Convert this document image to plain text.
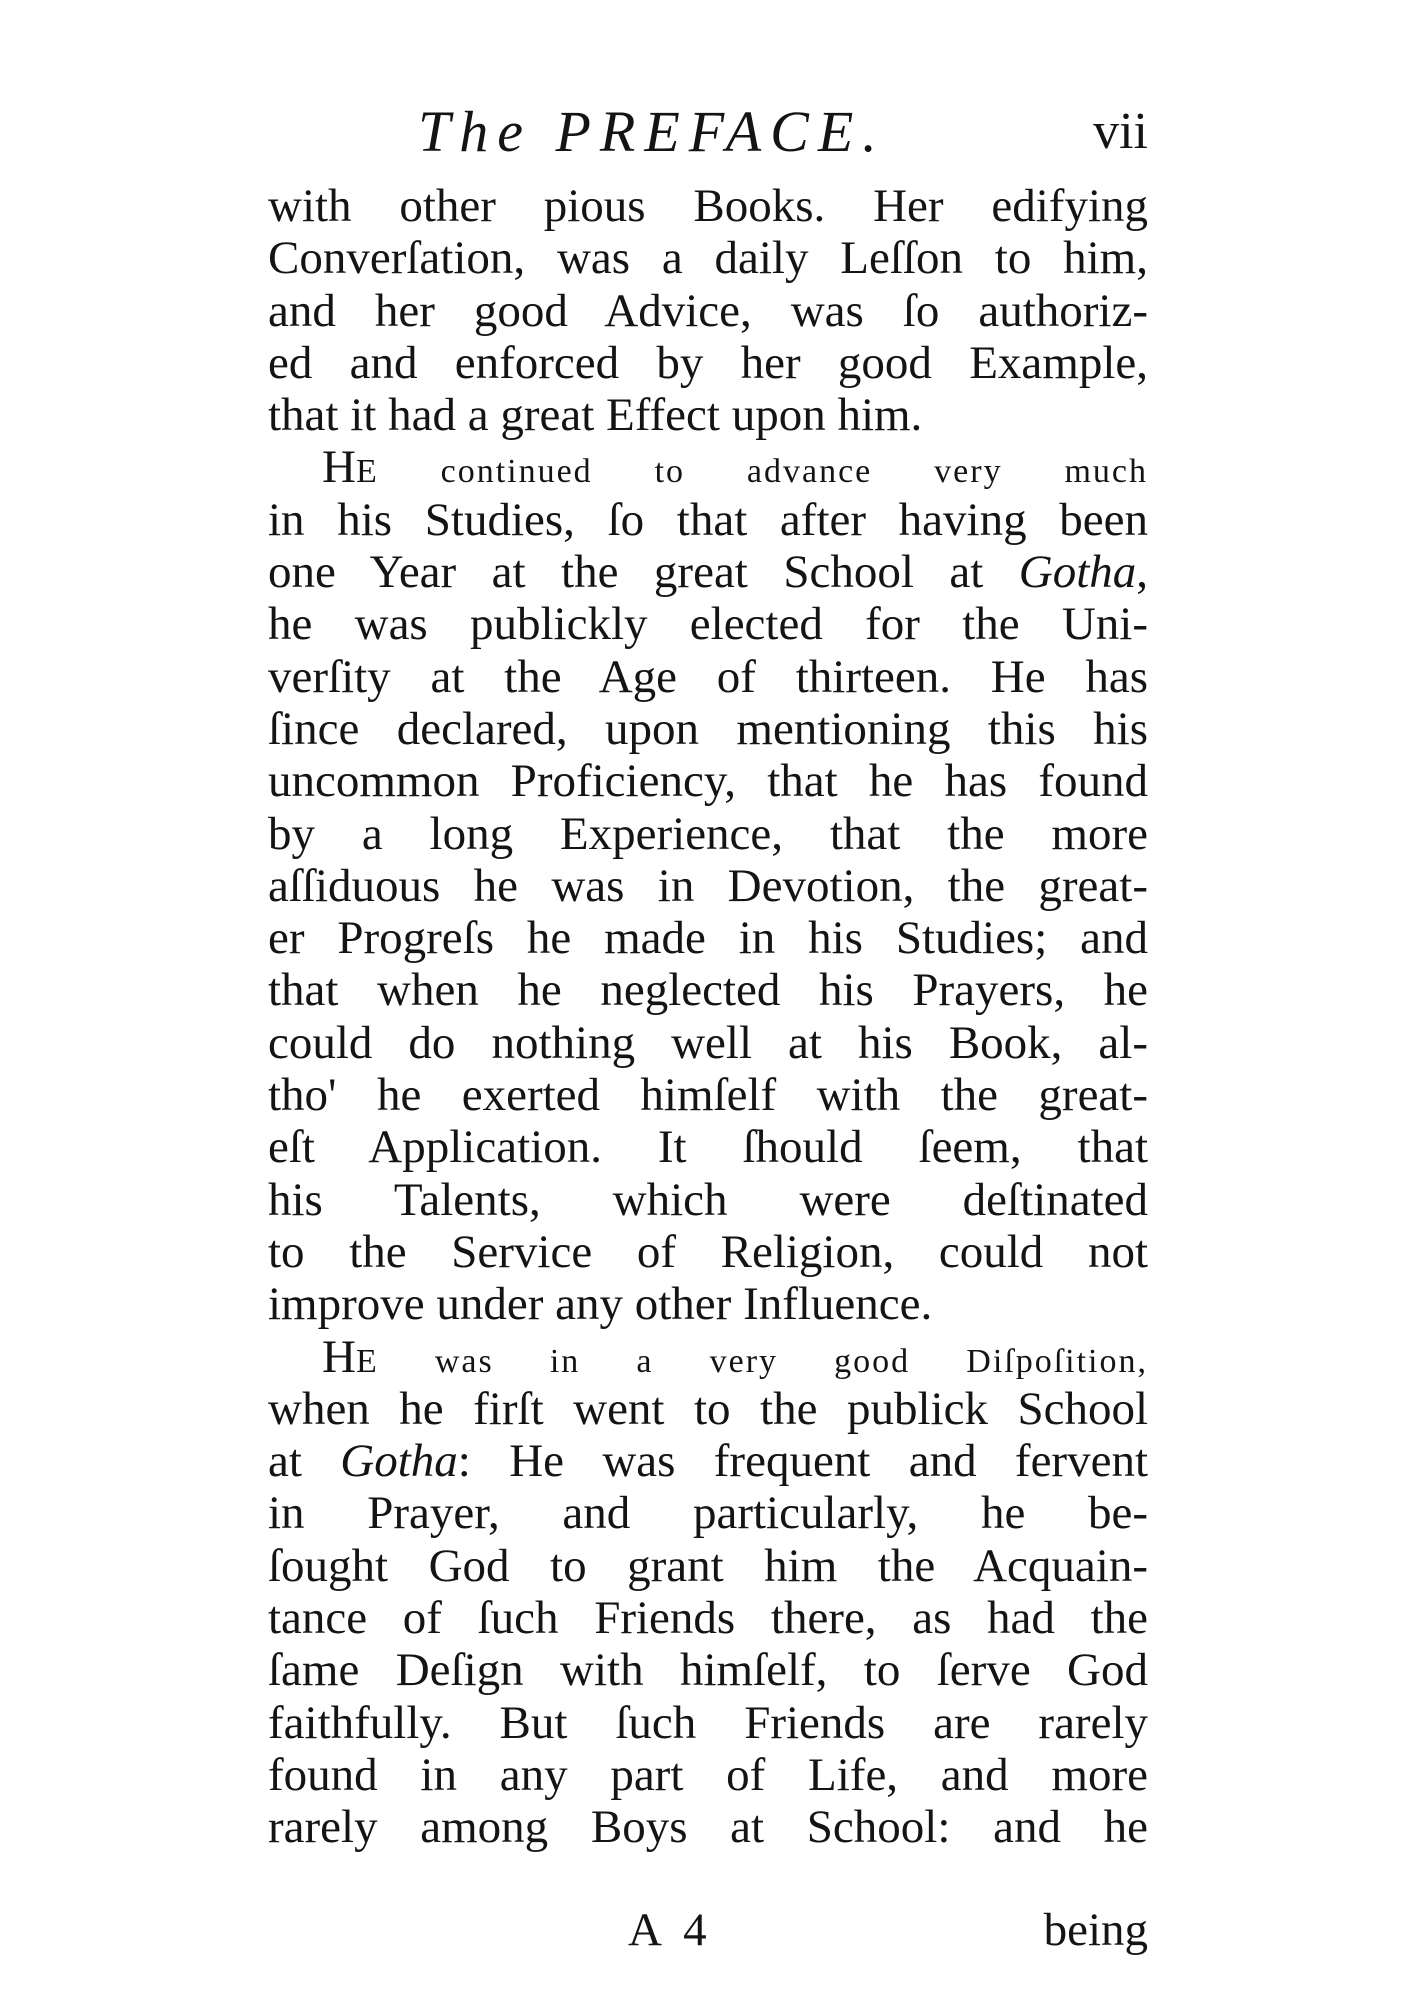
The PREFACE.	vii
with other pious Books. Her edifying
Converſation, was a daily Leſſon to him,
and her good Advice, was ſo authoriz-
ed and enforced by her good Example,
that it had a great Effect upon him.
HE continued to advance very much
in his Studies, ſo that after having been
one Year at the great School at Gotha,
he was publickly elected for the Uni-
verſity at the Age of thirteen. He has
ſince declared, upon mentioning this his
uncommon Proficiency, that he has found
by a long Experience, that the more
aſſiduous he was in Devotion, the great-
er Progreſs he made in his Studies; and
that when he neglected his Prayers, he
could do nothing well at his Book, al-
tho' he exerted himſelf with the great-
eſt Application. It ſhould ſeem, that
his Talents, which were deſtinated
to the Service of Religion, could not
improve under any other Influence.
HE was in a very good Diſpoſition,
when he firſt went to the publick School
at Gotha: He was frequent and fervent
in Prayer, and particularly, he be-
ſought God to grant him the Acquain-
tance of ſuch Friends there, as had the
ſame Deſign with himſelf, to ſerve God
faithfully. But ſuch Friends are rarely
found in any part of Life, and more
rarely among Boys at School: and he
A 4	being
